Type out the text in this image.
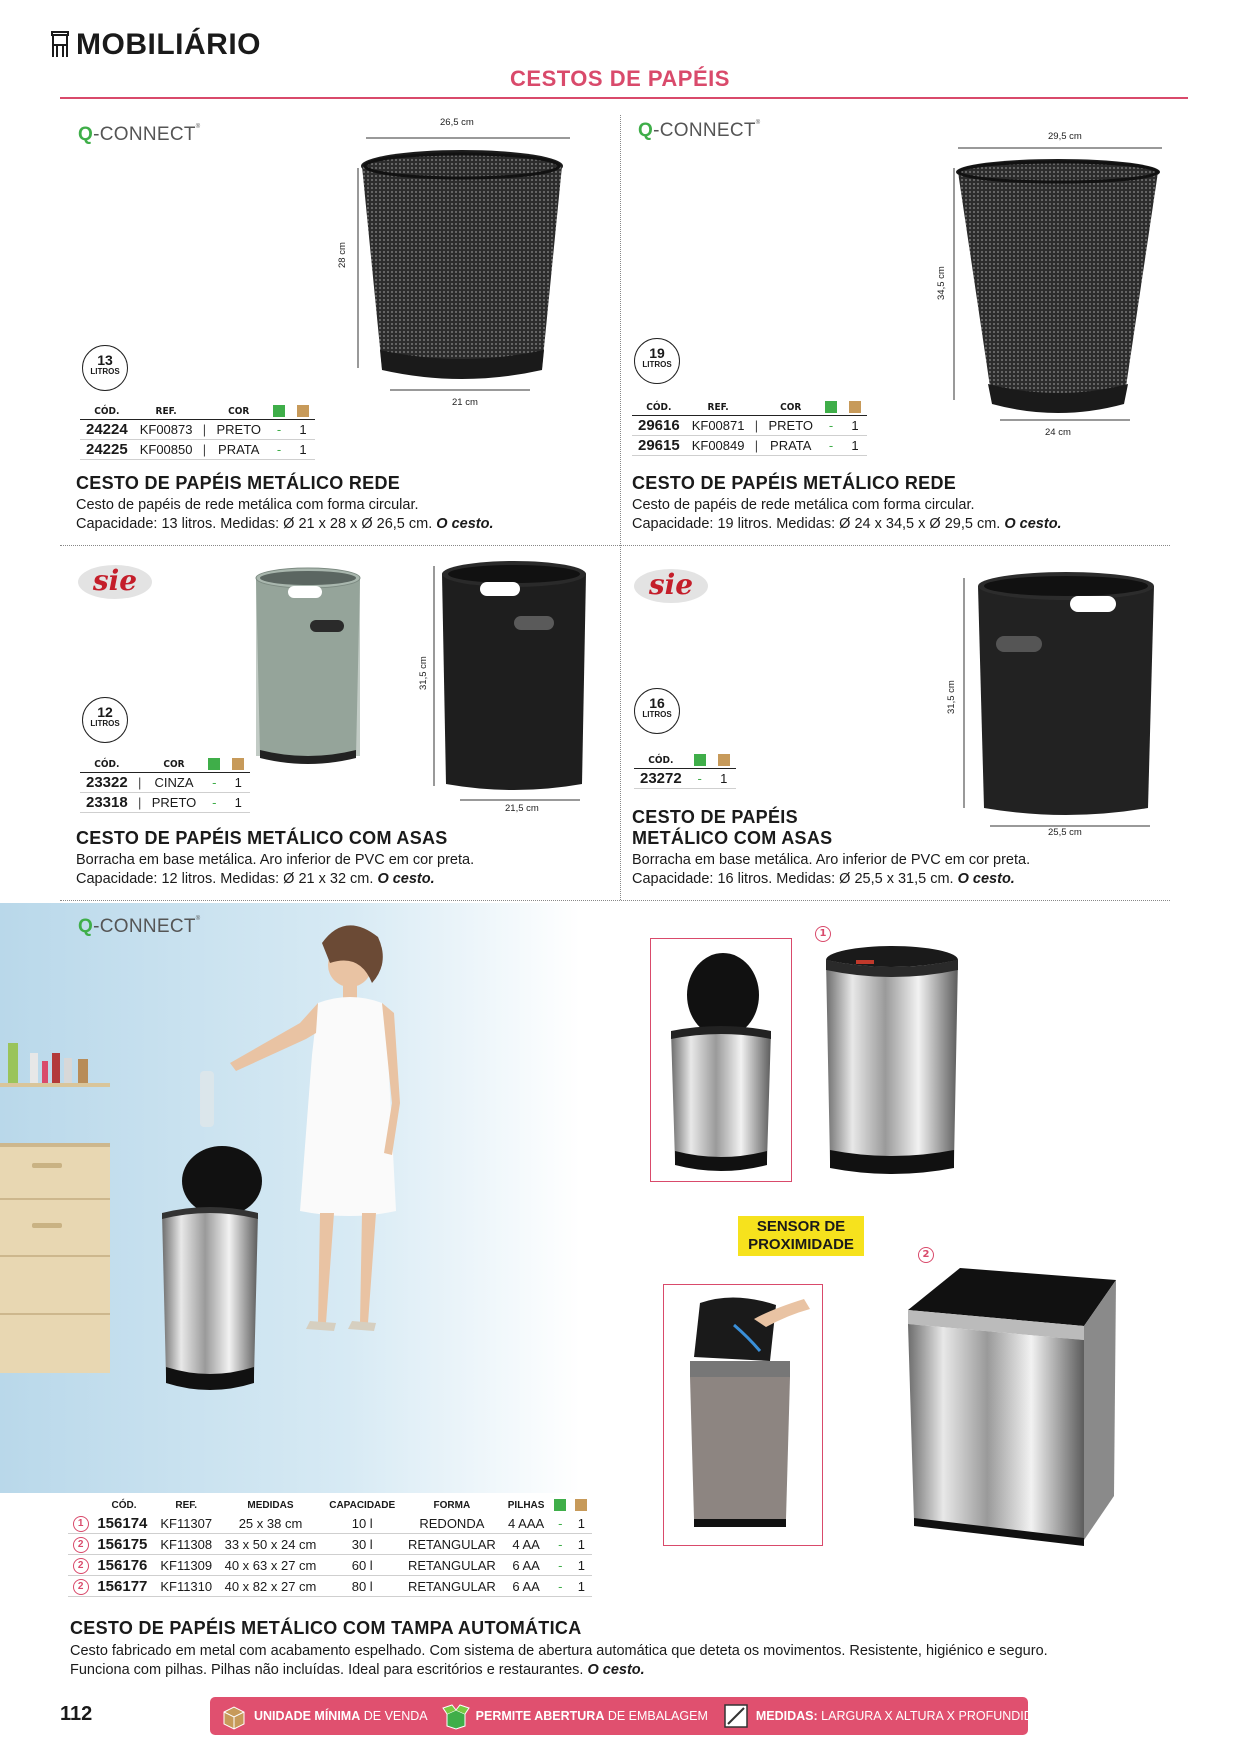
MOBILIÁRIO
CESTOS DE PAPÉIS
Q-CONNECT®	26,5 cm
28 cm
21 cm
13
LITROS
CÓD.	REF.		COR		
24224	KF00873	|	PRETO	-	1
24225	KF00850	|	PRATA	-	1
CESTO DE PAPÉIS METÁLICO REDE
Cesto de papéis de rede metálica com forma circular.
Capacidade: 13 litros. Medidas: Ø 21 x 28 x Ø 26,5 cm. O cesto.
Q-CONNECT®
29,5 cm
34,5 cm
24 cm
19
LITROS
CÓD.	REF.		COR		
29616	KF00871	|	PRETO	-	1
29615	KF00849	|	PRATA	-	1
CESTO DE PAPÉIS METÁLICO REDE
Cesto de papéis de rede metálica com forma circular.
Capacidade: 19 litros. Medidas: Ø 24 x 34,5 x Ø 29,5 cm. O cesto.
sie
31,5 cm
21,5 cm
12
LITROS
CÓD.		COR		
23322	|	CINZA	-	1
23318	|	PRETO	-	1
CESTO DE PAPÉIS METÁLICO COM ASAS
Borracha em base metálica. Aro inferior de PVC em cor preta.
Capacidade: 12 litros. Medidas: Ø 21 x 32 cm. O cesto.
sie
31,5 cm
25,5 cm
16
LITROS
CÓD.		
23272	-	1
CESTO DE PAPÉIS
METÁLICO COM ASAS
Borracha em base metálica. Aro inferior de PVC em cor preta.
Capacidade: 16 litros. Medidas: Ø 25,5 x 31,5 cm. O cesto.
Q-CONNECT®
1
SENSOR DE
PROXIMIDADE
2
	CÓD.	REF.	MEDIDAS	CAPACIDADE	FORMA	PILHAS		
1	156174	KF11307	25 x 38 cm	10 l	REDONDA	4 AAA	-	1
2	156175	KF11308	33 x 50 x 24 cm	30 l	RETANGULAR	4 AA	-	1
2	156176	KF11309	40 x 63 x 27 cm	60 l	RETANGULAR	6 AA	-	1
2	156177	KF11310	40 x 82 x 27 cm	80 l	RETANGULAR	6 AA	-	1
CESTO DE PAPÉIS METÁLICO COM TAMPA AUTOMÁTICA
Cesto fabricado em metal com acabamento espelhado. Com sistema de abertura automática que deteta os movimentos. Resistente, higiénico e seguro.
Funciona com pilhas. Pilhas não incluídas. Ideal para escritórios e restaurantes. O cesto.
112	UNIDADE MÍNIMA DE VENDA	PERMITE ABERTURA DE EMBALAGEM	MEDIDAS: LARGURA X ALTURA X PROFUNDIDADE
